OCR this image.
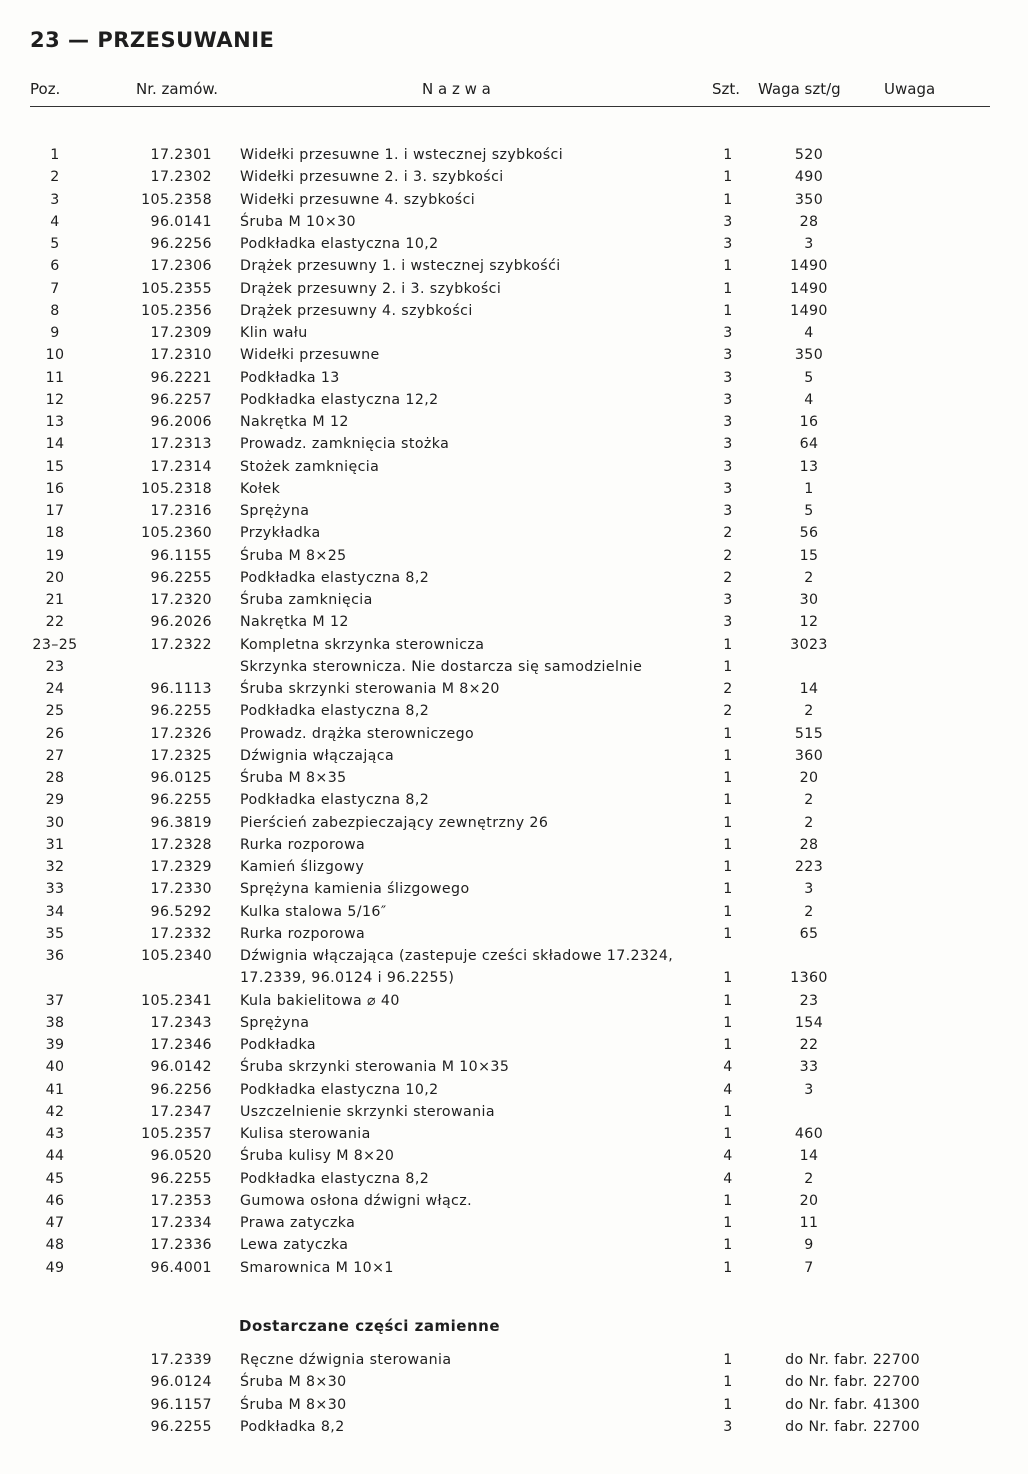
23 — PRZESUWANIE
Poz.	Nr. zamów.	N a z w a	Szt. Waga szt/g	Uwaga
1	17.2301 Widełki przesuwne 1. i wstecznej szybkości	1	520
2	17.2302 Widełki przesuwne 2. i 3. szybkości	1	490
3	105.2358 Widełki przesuwne 4. szybkości	1	350
4	96.0141 Śruba M 10×30	3	28
5	96.2256 Podkładka elastyczna 10,2	3	3
6	17.2306 Drążek przesuwny 1. i wstecznej szybkośći	1	1490
7	105.2355 Drążek przesuwny 2. i 3. szybkości	1	1490
8	105.2356 Drążek przesuwny 4. szybkości	1	1490
9	17.2309 Klin wału	3	4
10	17.2310 Widełki przesuwne	3	350
11	96.2221 Podkładka 13	3	5
12	96.2257 Podkładka elastyczna 12,2	3	4
13	96.2006 Nakrętka M 12	3	16
14	17.2313 Prowadz. zamknięcia stożka	3	64
15	17.2314 Stożek zamknięcia	3	13
16	105.2318 Kołek	3	1
17	17.2316 Sprężyna	3	5
18	105.2360 Przykładka	2	56
19	96.1155 Śruba M 8×25	2	15
20	96.2255 Podkładka elastyczna 8,2	2	2
21	17.2320 Śruba zamknięcia	3	30
22	96.2026 Nakrętka M 12	3	12
23–25	17.2322 Kompletna skrzynka sterownicza	1	3023
23	Skrzynka sterownicza. Nie dostarcza się samodzielnie	1
24	96.1113 Śruba skrzynki sterowania M 8×20	2	14
25	96.2255 Podkładka elastyczna 8,2	2	2
26	17.2326 Prowadz. drążka sterowniczego	1	515
27	17.2325 Dźwignia włączająca	1	360
28	96.0125 Śruba M 8×35	1	20
29	96.2255 Podkładka elastyczna 8,2	1	2
30	96.3819 Pierścień zabezpieczający zewnętrzny 26	1	2
31	17.2328 Rurka rozporowa	1	28
32	17.2329 Kamień ślizgowy	1	223
33	17.2330 Sprężyna kamienia ślizgowego	1	3
34	96.5292 Kulka stalowa 5/16″	1	2
35	17.2332 Rurka rozporowa	1	65
36	105.2340 Dźwignia włączająca (zastepuje cześci składowe 17.2324,
17.2339, 96.0124 i 96.2255)	1	1360
37	105.2341 Kula bakielitowa ⌀ 40	1	23
38	17.2343 Sprężyna	1	154
39	17.2346 Podkładka	1	22
40	96.0142 Śruba skrzynki sterowania M 10×35	4	33
41	96.2256 Podkładka elastyczna 10,2	4	3
42	17.2347 Uszczelnienie skrzynki sterowania	1
43	105.2357 Kulisa sterowania	1	460
44	96.0520 Śruba kulisy M 8×20	4	14
45	96.2255 Podkładka elastyczna 8,2	4	2
46	17.2353 Gumowa osłona dźwigni włącz.	1	20
47	17.2334 Prawa zatyczka	1	11
48	17.2336 Lewa zatyczka	1	9
49	96.4001 Smarownica M 10×1	1	7
Dostarczane części zamienne
17.2339 Ręczne dźwignia sterowania	1	do Nr. fabr. 22700
96.0124 Śruba M 8×30	1	do Nr. fabr. 22700
96.1157 Śruba M 8×30	1	do Nr. fabr. 41300
96.2255 Podkładka 8,2	3	do Nr. fabr. 22700
